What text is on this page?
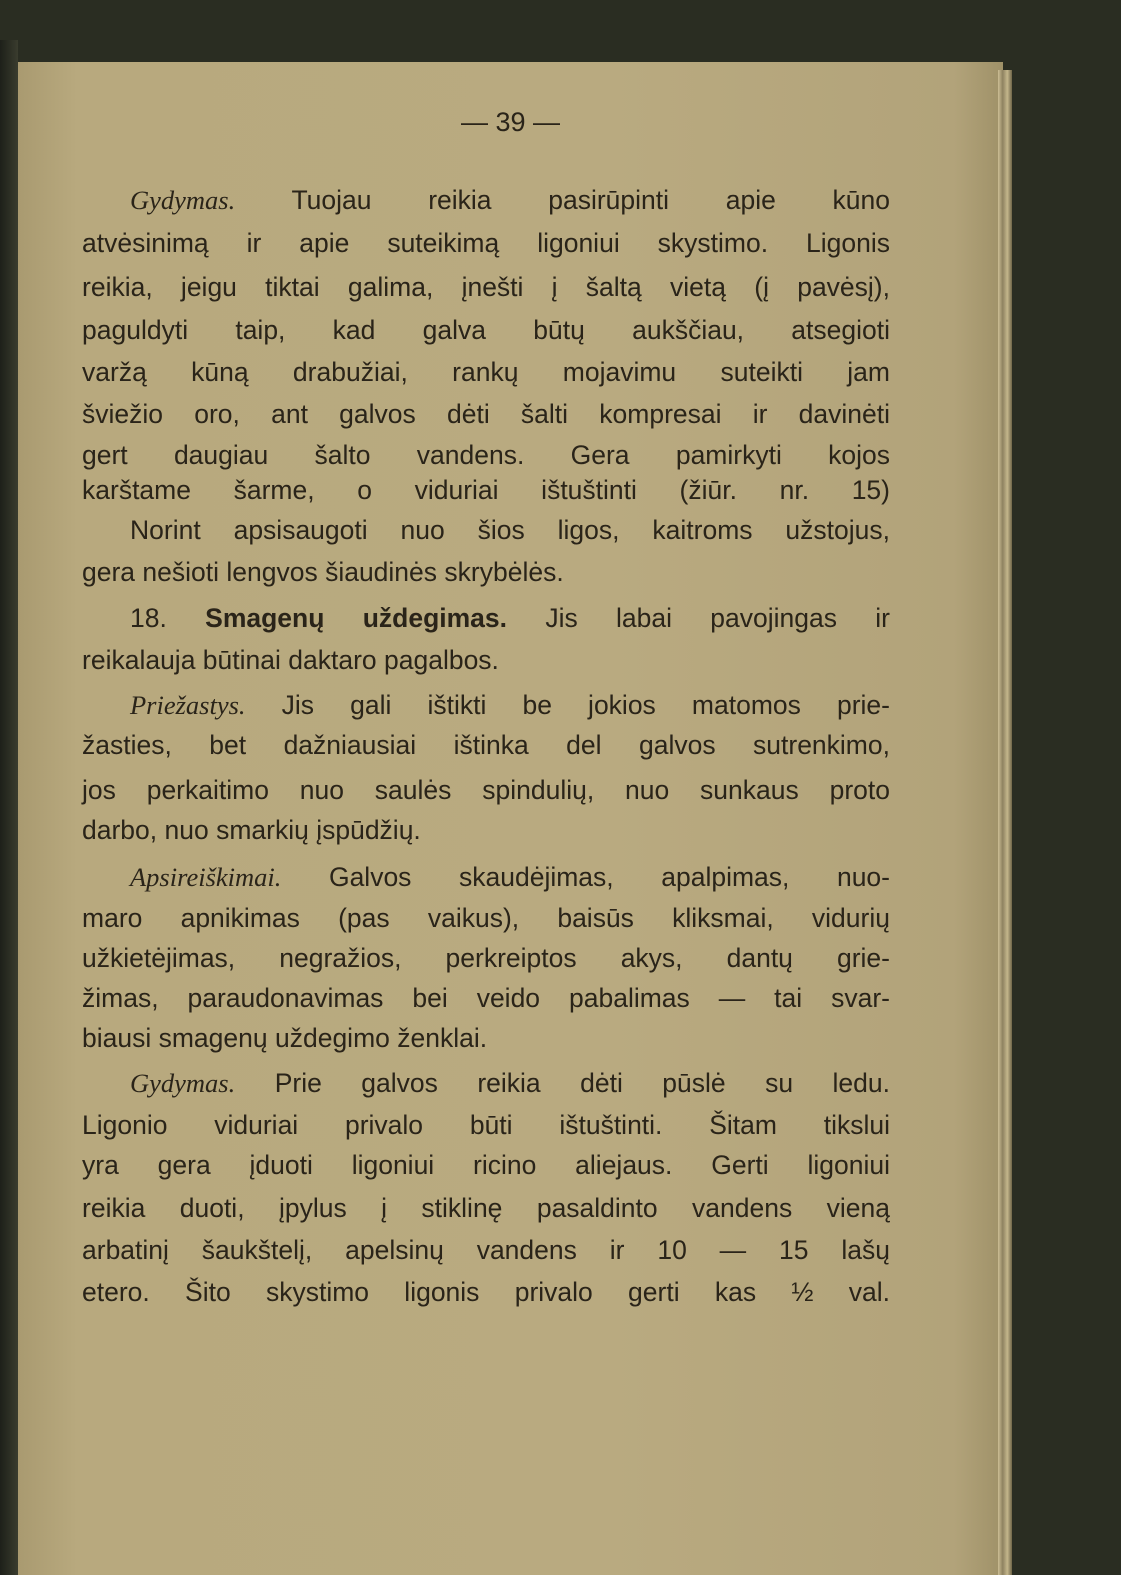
— 39 —
Gydymas. Tuojau reikia pasirūpinti apie kūno
atvėsinimą ir apie suteikimą ligoniui skystimo. Ligonis
reikia, jeigu tiktai galima, įnešti į šaltą vietą (į pavėsį),
paguldyti taip, kad galva būtų aukščiau, atsegioti
varžą kūną drabužiai, rankų mojavimu suteikti jam
šviežio oro, ant galvos dėti šalti kompresai ir davinėti
gert daugiau šalto vandens. Gera pamirkyti kojos
karštame šarme, o viduriai ištuštinti (žiūr. nr. 15)
Norint apsisaugoti nuo šios ligos, kaitroms užstojus,
gera nešioti lengvos šiaudinės skrybėlės.
18. Smagenų uždegimas. Jis labai pavojingas ir
reikalauja būtinai daktaro pagalbos.
Priežastys. Jis gali ištikti be jokios matomos prie-
žasties, bet dažniausiai ištinka del galvos sutrenkimo,
jos perkaitimo nuo saulės spindulių, nuo sunkaus proto
darbo, nuo smarkių įspūdžių.
Apsireiškimai. Galvos skaudėjimas, apalpimas, nuo-
maro apnikimas (pas vaikus), baisūs kliksmai, vidurių
užkietėjimas, negražios, perkreiptos akys, dantų grie-
žimas, paraudonavimas bei veido pabalimas — tai svar-
biausi smagenų uždegimo ženklai.
Gydymas. Prie galvos reikia dėti pūslė su ledu.
Ligonio viduriai privalo būti ištuštinti. Šitam tikslui
yra gera įduoti ligoniui ricino aliejaus. Gerti ligoniui
reikia duoti, įpylus į stiklinę pasaldinto vandens vieną
arbatinį šaukštelį, apelsinų vandens ir 10 — 15 lašų
etero. Šito skystimo ligonis privalo gerti kas ½ val.
